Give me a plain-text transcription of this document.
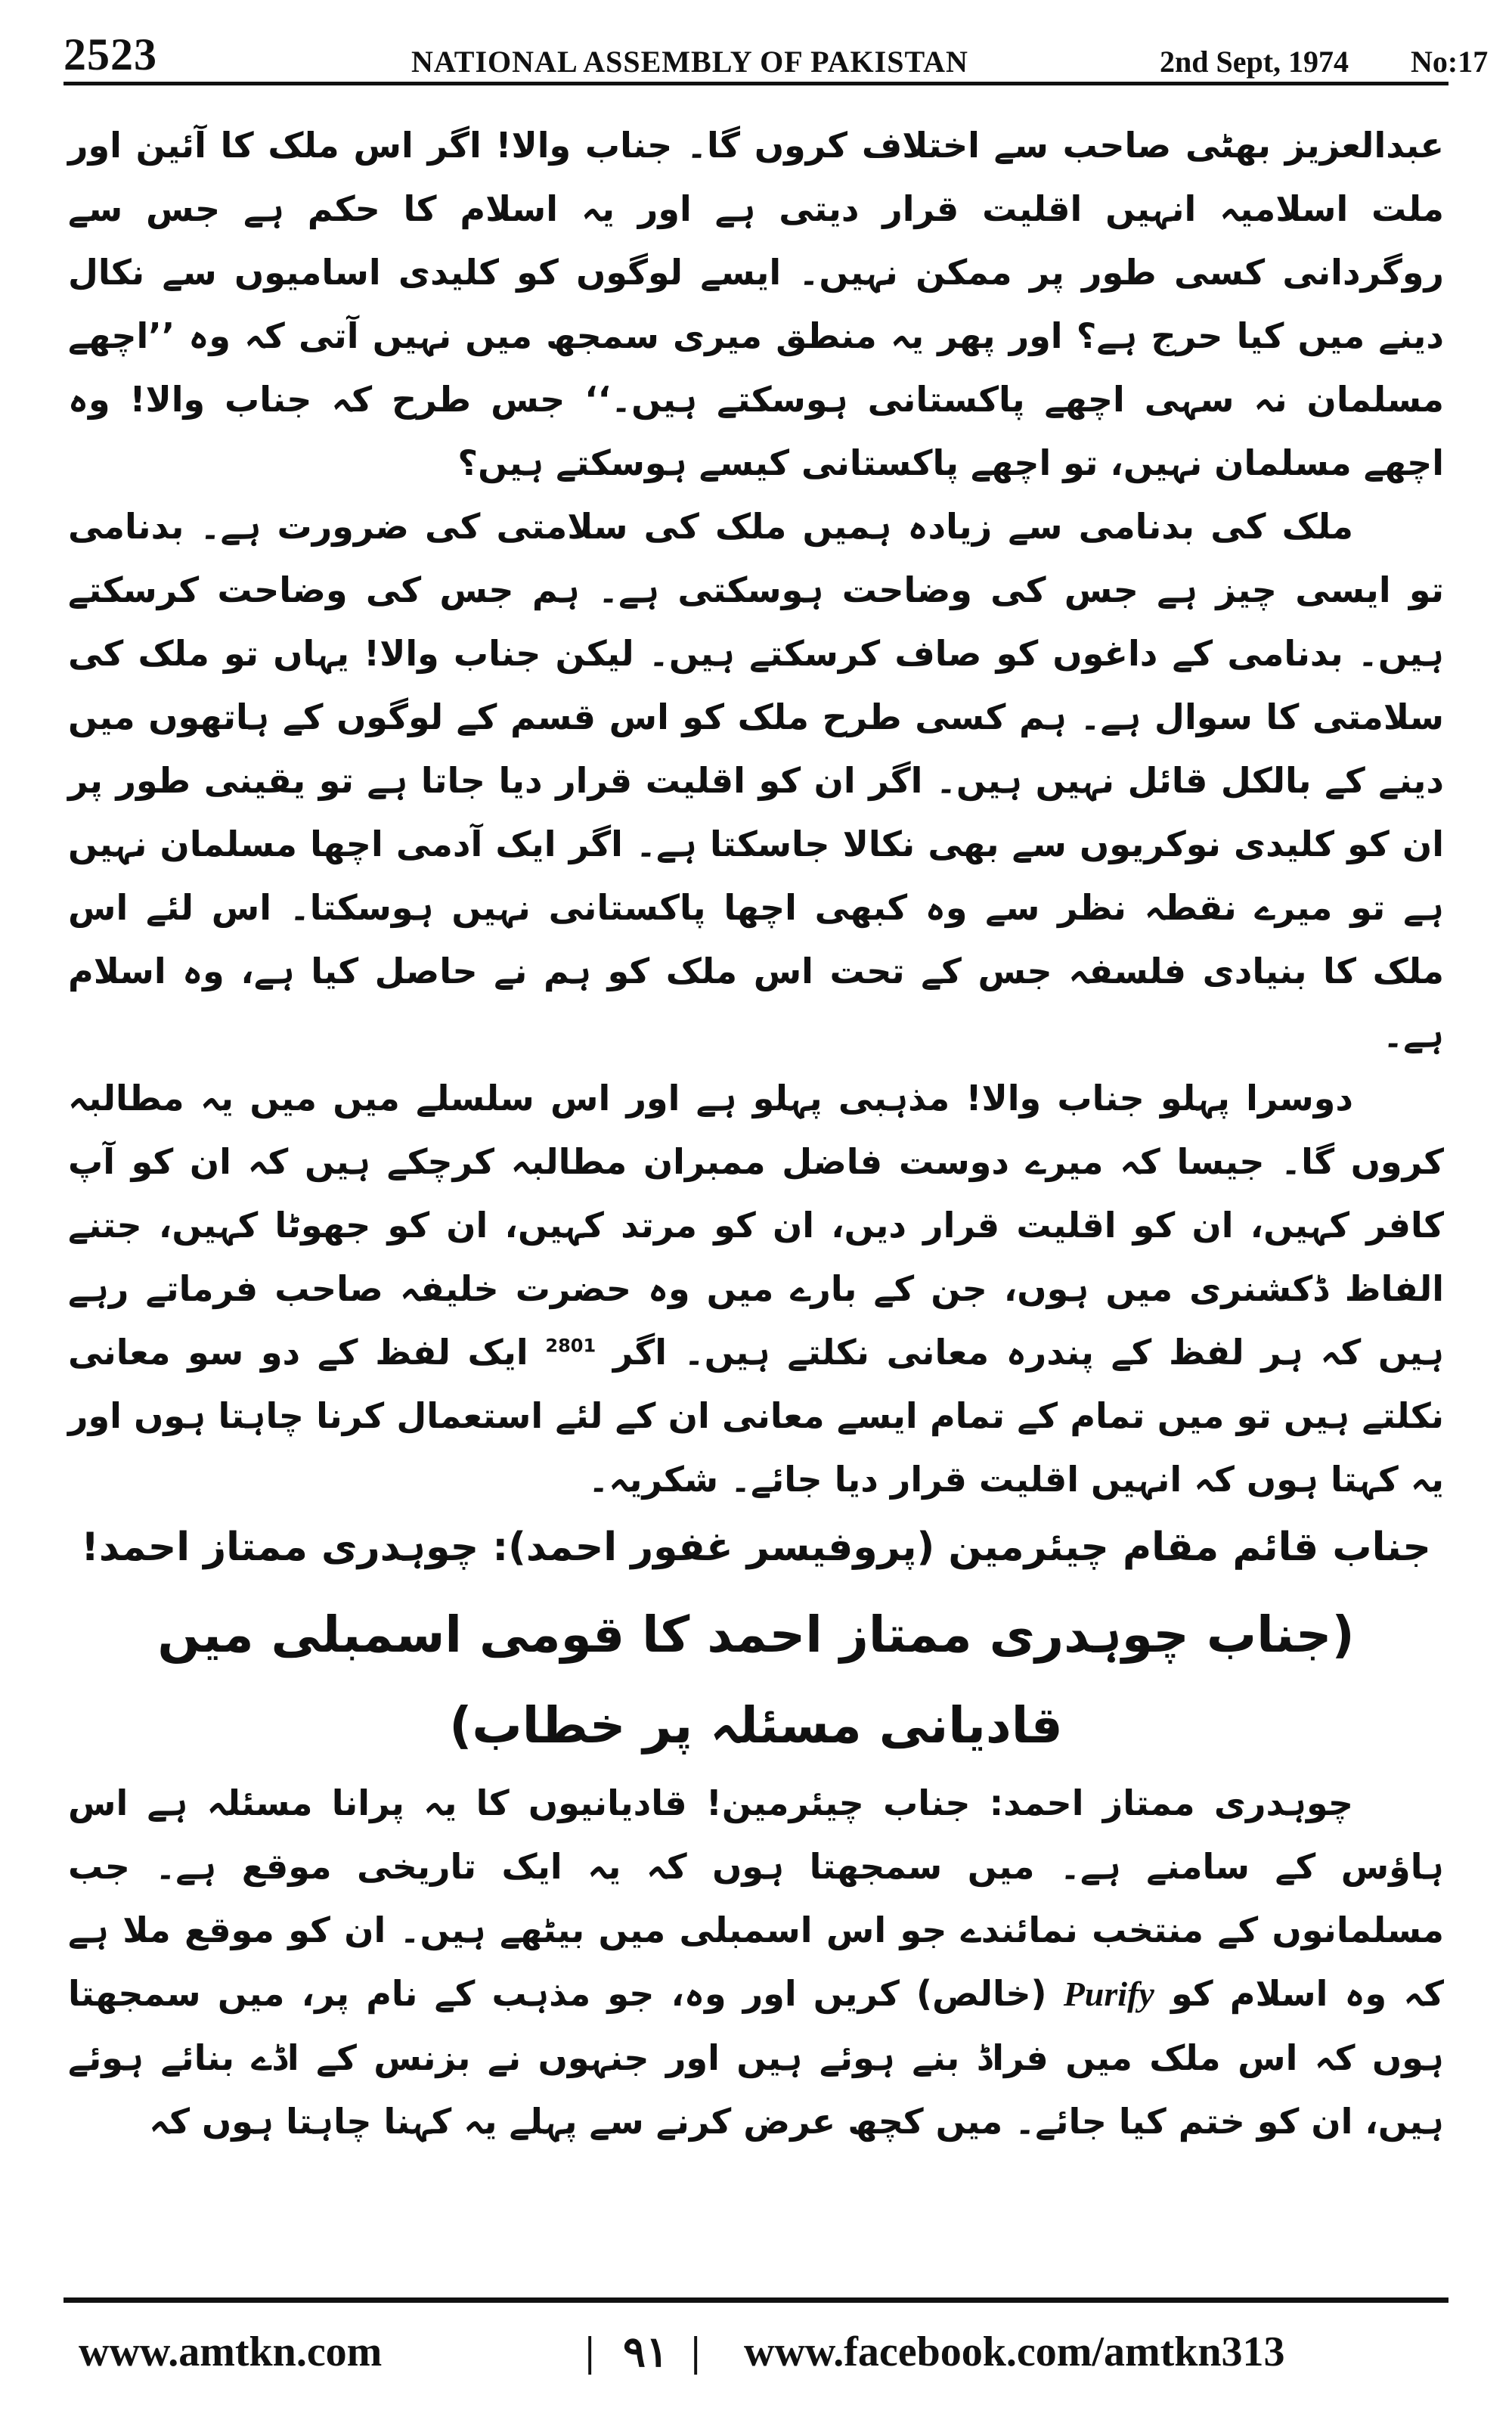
2523	NATIONAL ASSEMBLY OF PAKISTAN	2nd Sept, 1974 No:17

عبدالعزیز بھٹی صاحب سے اختلاف کروں گا۔ جناب والا! اگر اس ملک کا آئین اور ملت اسلامیہ انہیں اقلیت قرار دیتی ہے اور یہ اسلام کا حکم ہے جس سے روگردانی کسی طور پر ممکن نہیں۔ ایسے لوگوں کو کلیدی اسامیوں سے نکال دینے میں کیا حرج ہے؟ اور پھر یہ منطق میری سمجھ میں نہیں آتی کہ وہ ’’اچھے مسلمان نہ سہی اچھے پاکستانی ہوسکتے ہیں۔‘‘ جس طرح کہ جناب والا! وہ اچھے مسلمان نہیں، تو اچھے پاکستانی کیسے ہوسکتے ہیں؟

ملک کی بدنامی سے زیادہ ہمیں ملک کی سلامتی کی ضرورت ہے۔ بدنامی تو ایسی چیز ہے جس کی وضاحت ہوسکتی ہے۔ ہم جس کی وضاحت کرسکتے ہیں۔ بدنامی کے داغوں کو صاف کرسکتے ہیں۔ لیکن جناب والا! یہاں تو ملک کی سلامتی کا سوال ہے۔ ہم کسی طرح ملک کو اس قسم کے لوگوں کے ہاتھوں میں دینے کے بالکل قائل نہیں ہیں۔ اگر ان کو اقلیت قرار دیا جاتا ہے تو یقینی طور پر ان کو کلیدی نوکریوں سے بھی نکالا جاسکتا ہے۔ اگر ایک آدمی اچھا مسلمان نہیں ہے تو میرے نقطہ نظر سے وہ کبھی اچھا پاکستانی نہیں ہوسکتا۔ اس لئے اس ملک کا بنیادی فلسفہ جس کے تحت اس ملک کو ہم نے حاصل کیا ہے، وہ اسلام ہے۔

دوسرا پہلو جناب والا! مذہبی پہلو ہے اور اس سلسلے میں میں یہ مطالبہ کروں گا۔ جیسا کہ میرے دوست فاضل ممبران مطالبہ کرچکے ہیں کہ ان کو آپ کافر کہیں، ان کو اقلیت قرار دیں، ان کو مرتد کہیں، ان کو جھوٹا کہیں، جتنے الفاظ ڈکشنری میں ہوں، جن کے بارے میں وہ حضرت خلیفہ صاحب فرماتے رہے ہیں کہ ہر لفظ کے پندرہ معانی نکلتے ہیں۔ اگر $^{2801}$ ایک لفظ کے دو سو معانی نکلتے ہیں تو میں تمام کے تمام ایسے معانی ان کے لئے استعمال کرنا چاہتا ہوں اور یہ کہتا ہوں کہ انہیں اقلیت قرار دیا جائے۔ شکریہ۔

جناب قائم مقام چیئرمین (پروفیسر غفور احمد): چوہدری ممتاز احمد!

(جناب چوہدری ممتاز احمد کا قومی اسمبلی میں قادیانی مسئلہ پر خطاب)

چوہدری ممتاز احمد: جناب چیئرمین! قادیانیوں کا یہ پرانا مسئلہ ہے اس ہاؤس کے سامنے ہے۔ میں سمجھتا ہوں کہ یہ ایک تاریخی موقع ہے۔ جب مسلمانوں کے منتخب نمائندے جو اس اسمبلی میں بیٹھے ہیں۔ ان کو موقع ملا ہے کہ وہ اسلام کو Purify (خالص) کریں اور وہ، جو مذہب کے نام پر، میں سمجھتا ہوں کہ اس ملک میں فراڈ بنے ہوئے ہیں اور جنہوں نے بزنس کے اڈے بنائے ہوئے ہیں، ان کو ختم کیا جائے۔ میں کچھ عرض کرنے سے پہلے یہ کہنا چاہتا ہوں کہ

www.amtkn.com	| ٩١ | www.facebook.com/amtkn313
